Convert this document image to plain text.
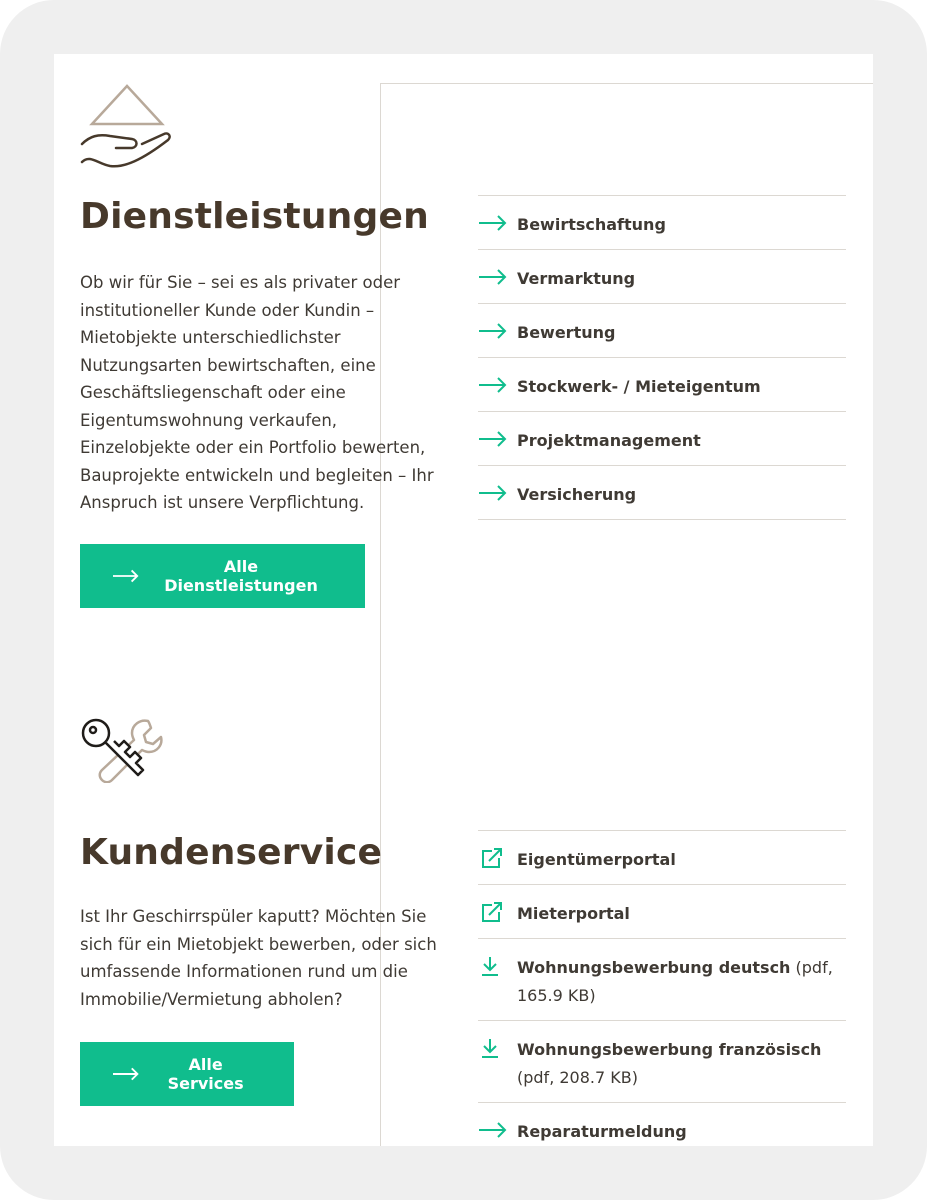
Dienstleistungen

Ob wir für Sie – sei es als privater oder institutioneller Kunde oder Kundin – Mietobjekte unterschiedlichster Nutzungsarten bewirtschaften, eine Geschäftsliegenschaft oder eine Eigentumswohnung verkaufen, Einzelobjekte oder ein Portfolio bewerten, Bauprojekte entwickeln und begleiten – Ihr Anspruch ist unsere Verpflichtung.

Alle Dienstleistungen
Bewirtschaftung
Vermarktung
Bewertung
Stockwerk- / Mieteigentum
Projektmanagement
Versicherung
Kundenservice

Ist Ihr Geschirrspüler kaputt? Möchten Sie sich für ein Mietobjekt bewerben, oder sich umfassende Informationen rund um die Immobilie/Vermietung abholen?

Alle Services
Eigentümerportal
Mieterportal
Wohnungsbewerbung deutsch (pdf, 165.9 KB)
Wohnungsbewerbung französisch (pdf, 208.7 KB)
Reparaturmeldung
